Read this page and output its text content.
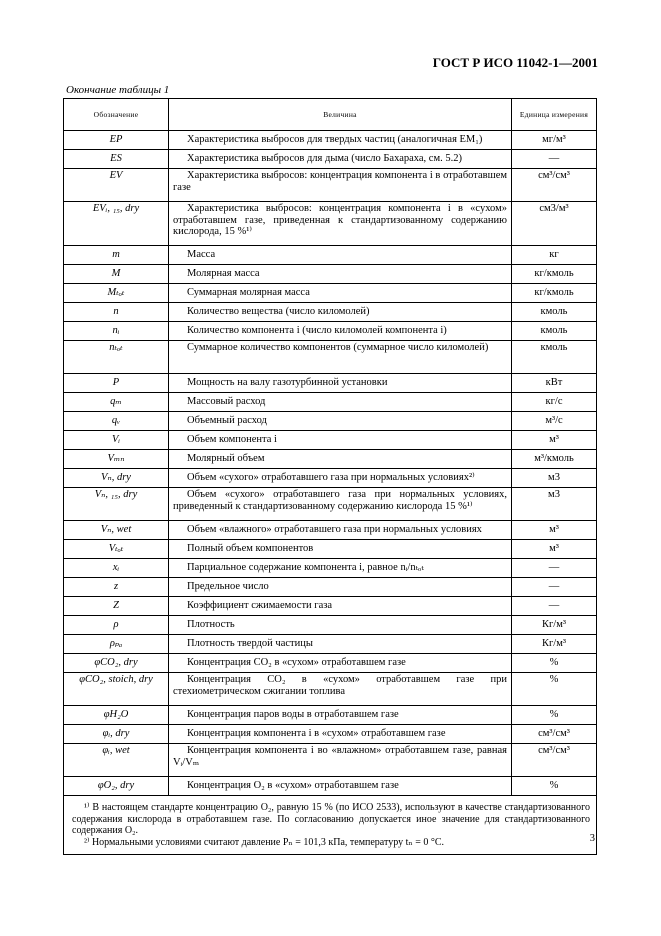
ГОСТ Р ИСО 11042-1—2001
Окончание таблицы 1
Обозначение	Величина	Единица измерения
EP	Характеристика выбросов для твердых частиц (аналогичная EM₁)	мг/м³
ES	Характеристика выбросов для дыма (число Бахараха, см. 5.2)	—
EV	Характеристика выбросов: концентрация компонента i в отработавшем газе	см³/см³
EVᵢ, ₁₅, dry	Характеристика выбросов: концентрация компонента i в «сухом» отработавшем газе, приведенная к стандартизованному содержанию кислорода, 15 %¹⁾	см3/м³
m	Масса	кг
M	Молярная масса	кг/кмоль
Mₜₒₜ	Суммарная молярная масса	кг/кмоль
n	Количество вещества (число киломолей)	кмоль
nᵢ	Количество компонента i (число киломолей компонента i)	кмоль
nₜₒₜ	Суммарное количество компонентов (суммарное число киломолей)	кмоль
P	Мощность на валу газотурбинной установки	кВт
qₘ	Массовый расход	кг/с
qᵥ	Объемный расход	м³/с
Vᵢ	Объем компонента i	м³
Vₘₙ	Молярный объем	м³/кмоль
Vₙ, dry	Объем «сухого» отработавшего газа при нормальных условиях²⁾	м3
Vₙ, ₁₅, dry	Объем «сухого» отработавшего газа при нормальных условиях, приведенный к стандартизованному содержанию кислорода 15 %¹⁾	м3
Vₙ, wet	Объем «влажного» отработавшего газа при нормальных условиях	м³
Vₜₒₜ	Полный объем компонентов	м³
xᵢ	Парциальное содержание компонента i, равное nᵢ/nₜₒₜ	—
z	Предельное число	—
Z	Коэффициент сжимаемости газа	—
ρ	Плотность	Кг/м³
ρₚₐ	Плотность твердой частицы	Кг/м³
φCO₂, dry	Концентрация CO₂ в «сухом» отработавшем газе	%
φCO₂, stoich, dry	Концентрация CO₂ в «сухом» отработавшем газе при стехиометрическом сжигании топлива	%
φH₂O	Концентрация паров воды в отработавшем газе	%
φᵢ, dry	Концентрация компонента i в «сухом» отработавшем газе	см³/см³
φᵢ, wet	Концентрация компонента i во «влажном» отработавшем газе, равная Vᵢ/Vₘ	см³/см³
φO₂, dry	Концентрация O₂ в «сухом» отработавшем газе	%

¹⁾ В настоящем стандарте концентрацию O₂, равную 15 % (по ИСО 2533), используют в качестве стандартизованного содержания кислорода в отработавшем газе. По согласованию допускается иное значение для стандартизованного содержания O₂.
²⁾ Нормальными условиями считают давление Pₙ = 101,3 кПа, температуру tₙ = 0 °С.			3
